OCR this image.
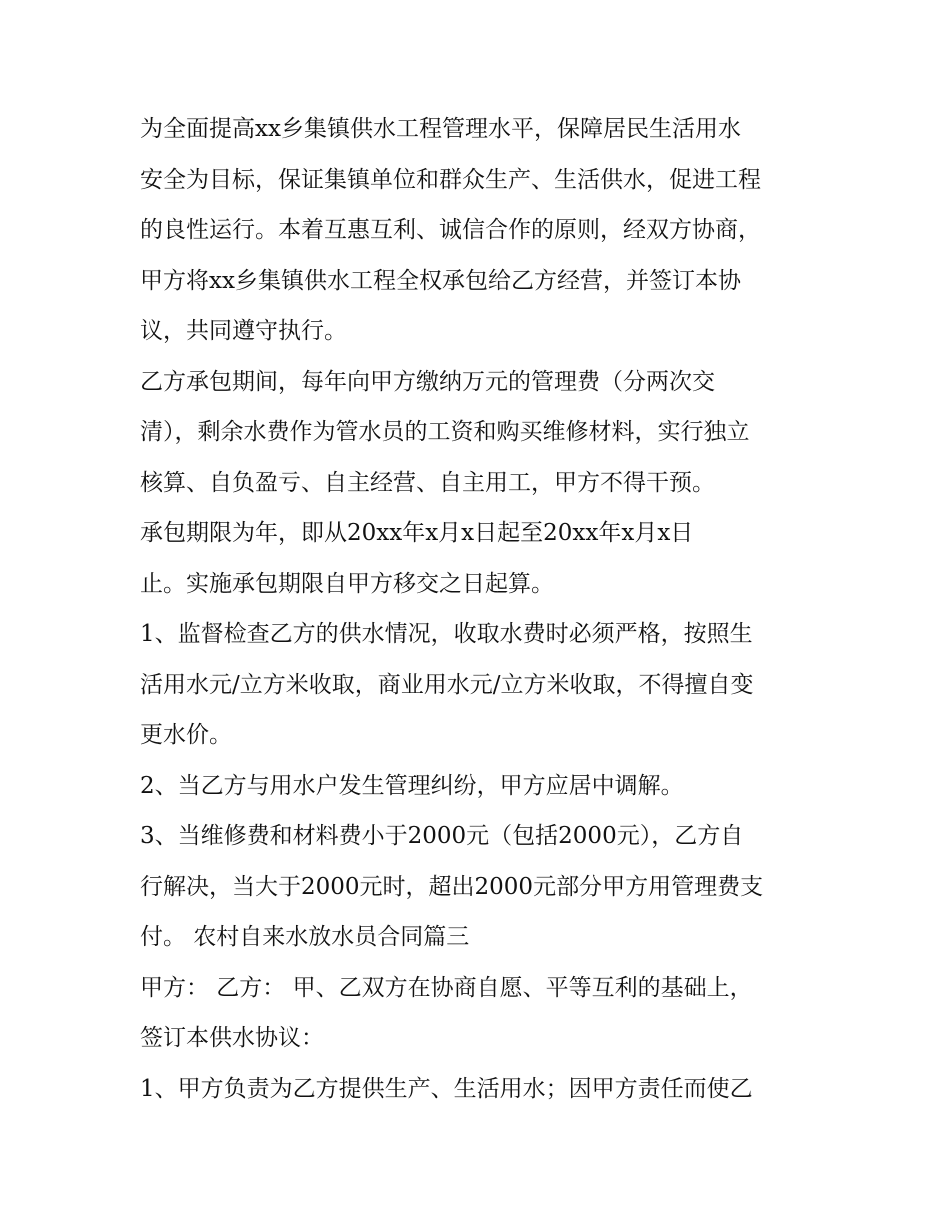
为全面提高xx乡集镇供水工程管理水平，保障居民生活用水
安全为目标，保证集镇单位和群众生产、生活供水，促进工程
的良性运行。本着互惠互利、诚信合作的原则，经双方协商，
甲方将xx乡集镇供水工程全权承包给乙方经营，并签订本协
议，共同遵守执行。

乙方承包期间，每年向甲方缴纳万元的管理费（分两次交
清），剩余水费作为管水员的工资和购买维修材料，实行独立
核算、自负盈亏、自主经营、自主用工，甲方不得干预。

承包期限为年，即从20xx年x月x日起至20xx年x月x日
止。实施承包期限自甲方移交之日起算。

1、监督检查乙方的供水情况，收取水费时必须严格，按照生
活用水元/立方米收取，商业用水元/立方米收取，不得擅自变
更水价。

2、当乙方与用水户发生管理纠纷，甲方应居中调解。

3、当维修费和材料费小于2000元（包括2000元），乙方自
行解决，当大于2000元时，超出2000元部分甲方用管理费支
付。 农村自来水放水员合同篇三

甲方： 乙方： 甲、乙双方在协商自愿、平等互利的基础上，
签订本供水协议：

1、甲方负责为乙方提供生产、生活用水；因甲方责任而使乙
